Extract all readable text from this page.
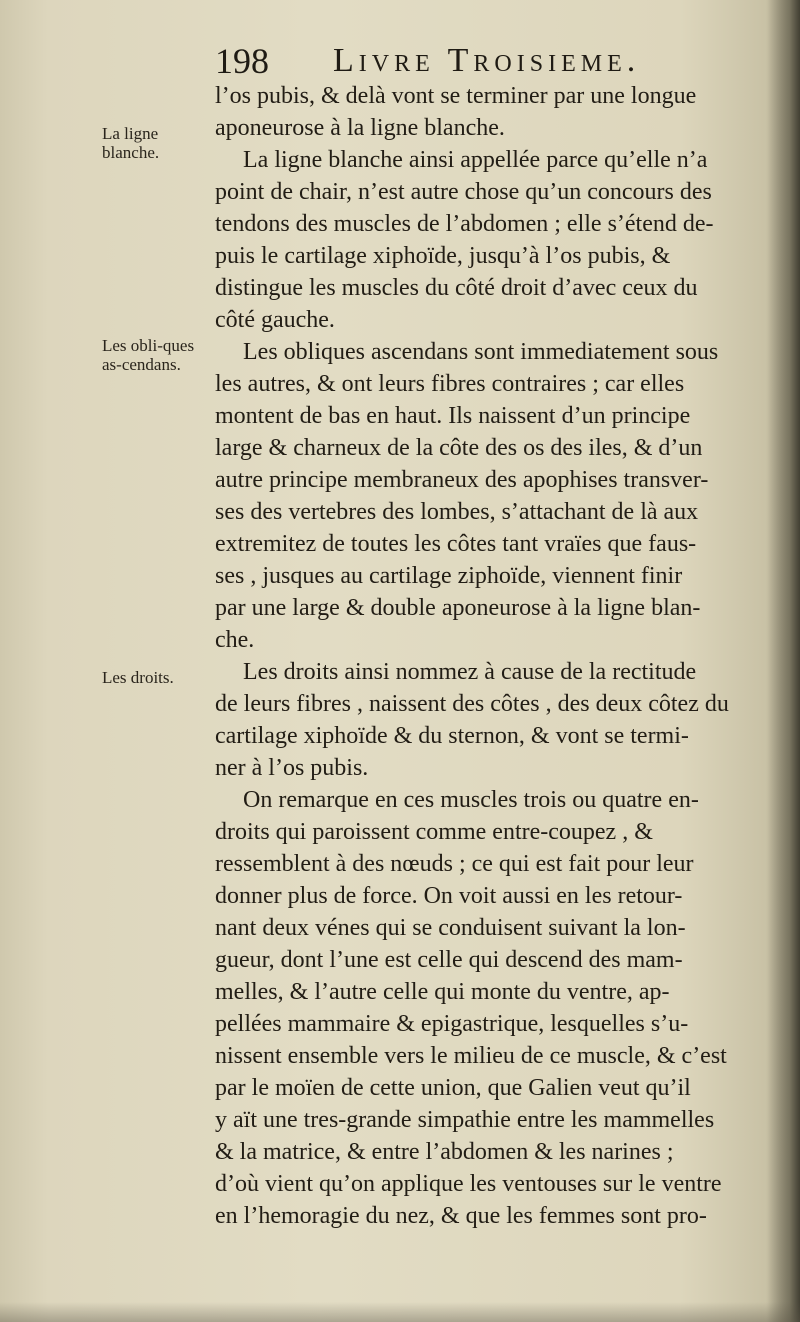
198 Livre Troisieme.
La ligne blanche.
Les obli-ques as-cendans.
Les droits.
l’os pubis, & delà vont se terminer par une longue
aponeurose à la ligne blanche.
La ligne blanche ainsi appellée parce qu’elle n’a
point de chair, n’est autre chose qu’un concours des
tendons des muscles de l’abdomen ; elle s’étend de-
puis le cartilage xiphoïde, jusqu’à l’os pubis, &
distingue les muscles du côté droit d’avec ceux du
côté gauche.
Les obliques ascendans sont immediatement sous
les autres, & ont leurs fibres contraires ; car elles
montent de bas en haut. Ils naissent d’un principe
large & charneux de la côte des os des iles, & d’un
autre principe membraneux des apophises transver-
ses des vertebres des lombes, s’attachant de là aux
extremitez de toutes les côtes tant vraïes que faus-
ses , jusques au cartilage ziphoïde, viennent finir
par une large & double aponeurose à la ligne blan-
che.
Les droits ainsi nommez à cause de la rectitude
de leurs fibres , naissent des côtes , des deux côtez du
cartilage xiphoïde & du sternon, & vont se termi-
ner à l’os pubis.
On remarque en ces muscles trois ou quatre en-
droits qui paroissent comme entre-coupez , &
ressemblent à des nœuds ; ce qui est fait pour leur
donner plus de force. On voit aussi en les retour-
nant deux vénes qui se conduisent suivant la lon-
gueur, dont l’une est celle qui descend des mam-
melles, & l’autre celle qui monte du ventre, ap-
pellées mammaire & epigastrique, lesquelles s’u-
nissent ensemble vers le milieu de ce muscle, & c’est
par le moïen de cette union, que Galien veut qu’il
y aït une tres-grande simpathie entre les mammelles
& la matrice, & entre l’abdomen & les narines ;
d’où vient qu’on applique les ventouses sur le ventre
en l’hemoragie du nez, & que les femmes sont pro-
